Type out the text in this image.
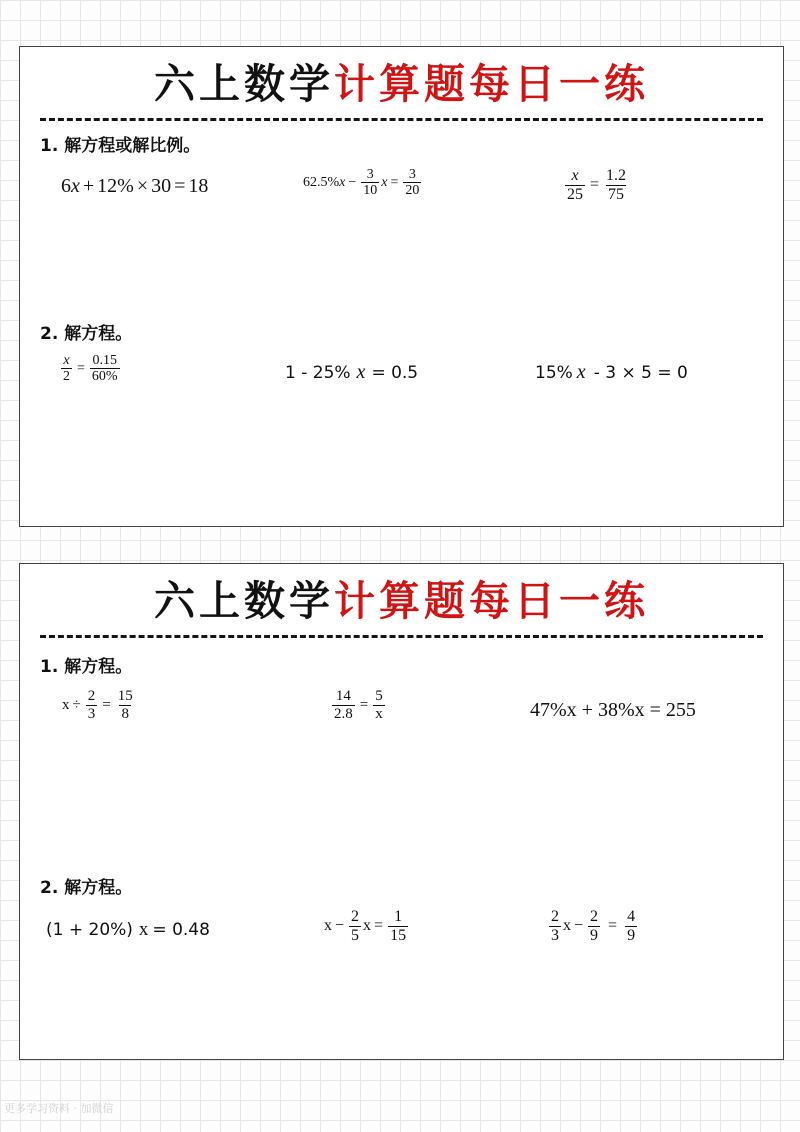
六上数学计算题每日一练
1. 解方程或解比例。
6 x + 12% × 30 = 18	62.5% $x - \frac{3}{10}$ $x = \frac{3}{20}$	$\frac{x}{25} = \frac{1.2}{75}$
2. 解方程。
$\frac{x}{2} = \frac{0.15}{60\%}$	1 - 25% x = 0.5	15% x - 3 × 5 = 0
六上数学计算题每日一练
1. 解方程。
$x \div \frac{2}{3} = \frac{15}{8}$	$\frac{14}{2.8} = \frac{5}{x}$	47%x + 38%x = 255
2. 解方程。
(1 + 20%) x = 0.48	$x - \frac{2}{5}$ $x = \frac{1}{15}$	$\frac{2}{3}$ $x - \frac{2}{9} = \frac{4}{9}$
更多学习资料 · 加微信
